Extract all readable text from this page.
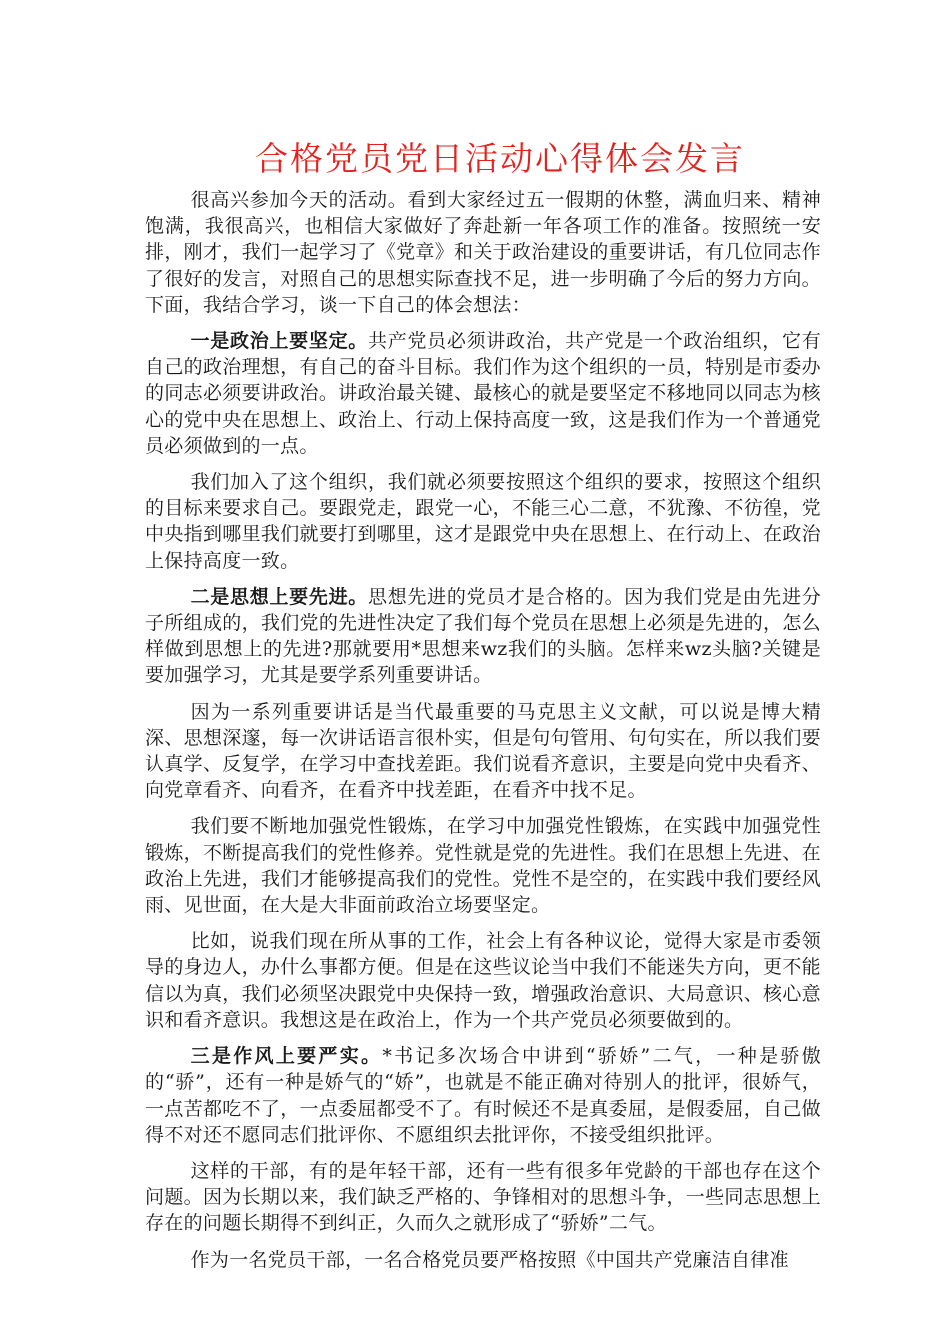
合格党员党日活动心得体会发言

很高兴参加今天的活动。看到大家经过五一假期的休整，满血归来、精神饱满，我很高兴，也相信大家做好了奔赴新一年各项工作的准备。按照统一安排，刚才，我们一起学习了《党章》和关于政治建设的重要讲话，有几位同志作了很好的发言，对照自己的思想实际查找不足，进一步明确了今后的努力方向。下面，我结合学习，谈一下自己的体会想法：

一是政治上要坚定。共产党员必须讲政治，共产党是一个政治组织，它有自己的政治理想，有自己的奋斗目标。我们作为这个组织的一员，特别是市委办的同志必须要讲政治。讲政治最关键、最核心的就是要坚定不移地同以同志为核心的党中央在思想上、政治上、行动上保持高度一致，这是我们作为一个普通党员必须做到的一点。

我们加入了这个组织，我们就必须要按照这个组织的要求，按照这个组织的目标来要求自己。要跟党走，跟党一心，不能三心二意，不犹豫、不彷徨，党中央指到哪里我们就要打到哪里，这才是跟党中央在思想上、在行动上、在政治上保持高度一致。

二是思想上要先进。思想先进的党员才是合格的。因为我们党是由先进分子所组成的，我们党的先进性决定了我们每个党员在思想上必须是先进的，怎么样做到思想上的先进?那就要用*思想来wz我们的头脑。怎样来wz头脑?关键是要加强学习，尤其是要学系列重要讲话。

因为一系列重要讲话是当代最重要的马克思主义文献，可以说是博大精深、思想深邃，每一次讲话语言很朴实，但是句句管用、句句实在，所以我们要认真学、反复学，在学习中查找差距。我们说看齐意识，主要是向党中央看齐、向党章看齐、向看齐，在看齐中找差距，在看齐中找不足。

我们要不断地加强党性锻炼，在学习中加强党性锻炼，在实践中加强党性锻炼，不断提高我们的党性修养。党性就是党的先进性。我们在思想上先进、在政治上先进，我们才能够提高我们的党性。党性不是空的，在实践中我们要经风雨、见世面，在大是大非面前政治立场要坚定。

比如，说我们现在所从事的工作，社会上有各种议论，觉得大家是市委领导的身边人，办什么事都方便。但是在这些议论当中我们不能迷失方向，更不能信以为真，我们必须坚决跟党中央保持一致，增强政治意识、大局意识、核心意识和看齐意识。我想这是在政治上，作为一个共产党员必须要做到的。

三是作风上要严实。*书记多次场合中讲到“骄娇”二气，一种是骄傲的“骄”，还有一种是娇气的“娇”，也就是不能正确对待别人的批评，很娇气，一点苦都吃不了，一点委屈都受不了。有时候还不是真委屈，是假委屈，自己做得不对还不愿同志们批评你、不愿组织去批评你，不接受组织批评。

这样的干部，有的是年轻干部，还有一些有很多年党龄的干部也存在这个问题。因为长期以来，我们缺乏严格的、争锋相对的思想斗争，一些同志思想上存在的问题长期得不到纠正，久而久之就形成了“骄娇”二气。

作为一名党员干部，一名合格党员要严格按照《中国共产党廉洁自律准
